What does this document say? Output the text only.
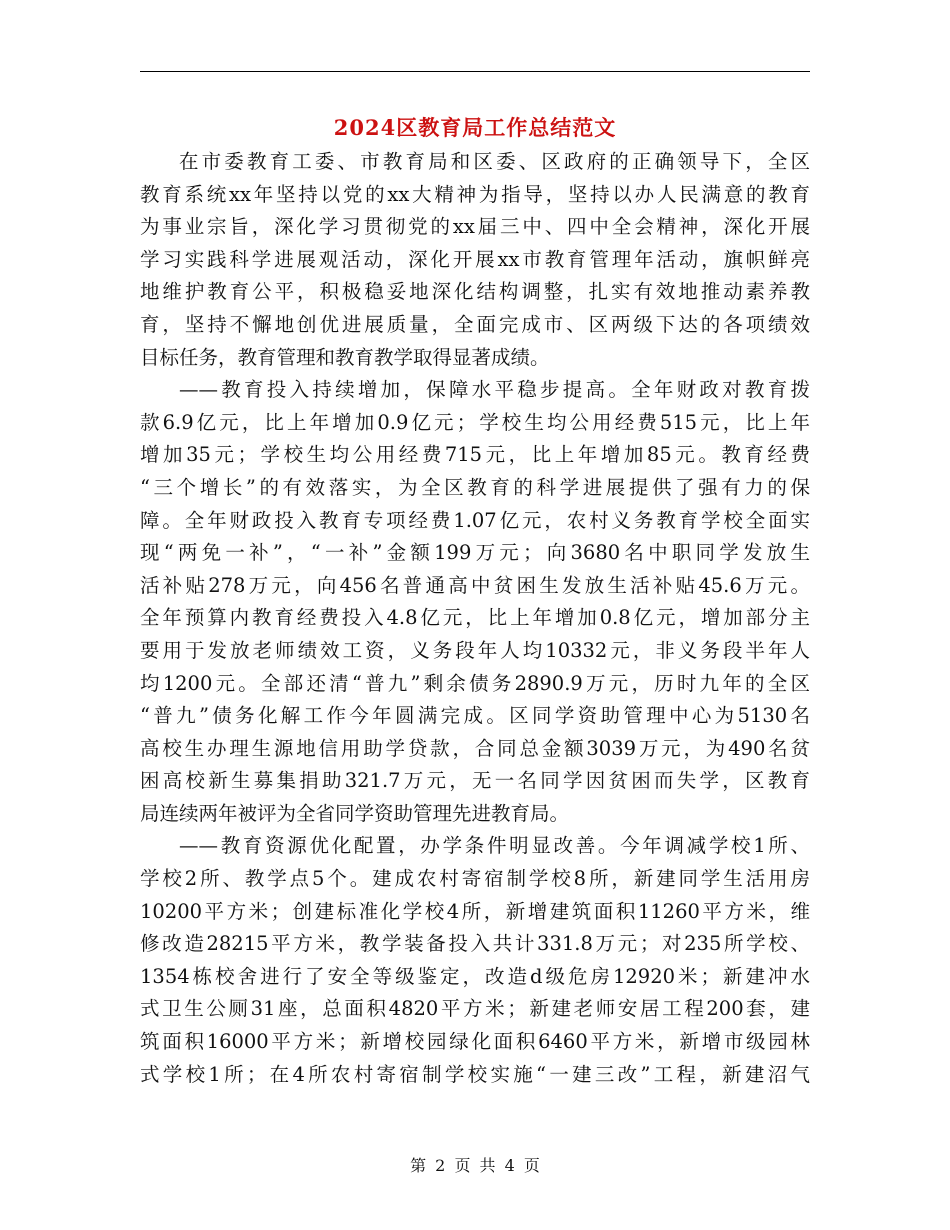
2024区教育局工作总结范文

在市委教育工委、市教育局和区委、区政府的正确领导下，全区
教育系统xx年坚持以党的xx大精神为指导，坚持以办人民满意的教育
为事业宗旨，深化学习贯彻党的xx届三中、四中全会精神，深化开展
学习实践科学进展观活动，深化开展xx市教育管理年活动，旗帜鲜亮
地维护教育公平，积极稳妥地深化结构调整，扎实有效地推动素养教
育，坚持不懈地创优进展质量，全面完成市、区两级下达的各项绩效
目标任务，教育管理和教育教学取得显著成绩。

——教育投入持续增加，保障水平稳步提高。全年财政对教育拨
款6.9亿元，比上年增加0.9亿元；学校生均公用经费515元，比上年
增加35元；学校生均公用经费715元，比上年增加85元。教育经费
“三个增长”的有效落实，为全区教育的科学进展提供了强有力的保
障。全年财政投入教育专项经费1.07亿元，农村义务教育学校全面实
现“两免一补”，“一补”金额199万元；向3680名中职同学发放生
活补贴278万元，向456名普通高中贫困生发放生活补贴45.6万元。
全年预算内教育经费投入4.8亿元，比上年增加0.8亿元，增加部分主
要用于发放老师绩效工资，义务段年人均10332元，非义务段半年人
均1200元。全部还清“普九”剩余债务2890.9万元，历时九年的全区
“普九”债务化解工作今年圆满完成。区同学资助管理中心为5130名
高校生办理生源地信用助学贷款，合同总金额3039万元，为490名贫
困高校新生募集捐助321.7万元，无一名同学因贫困而失学，区教育
局连续两年被评为全省同学资助管理先进教育局。

——教育资源优化配置，办学条件明显改善。今年调减学校1所、
学校2所、教学点5个。建成农村寄宿制学校8所，新建同学生活用房
10200平方米；创建标准化学校4所，新增建筑面积11260平方米，维
修改造28215平方米，教学装备投入共计331.8万元；对235所学校、
1354栋校舍进行了安全等级鉴定，改造d级危房12920米；新建冲水
式卫生公厕31座，总面积4820平方米；新建老师安居工程200套，建
筑面积16000平方米；新增校园绿化面积6460平方米，新增市级园林
式学校1所；在4所农村寄宿制学校实施“一建三改”工程，新建沼气

第 2 页 共 4 页
